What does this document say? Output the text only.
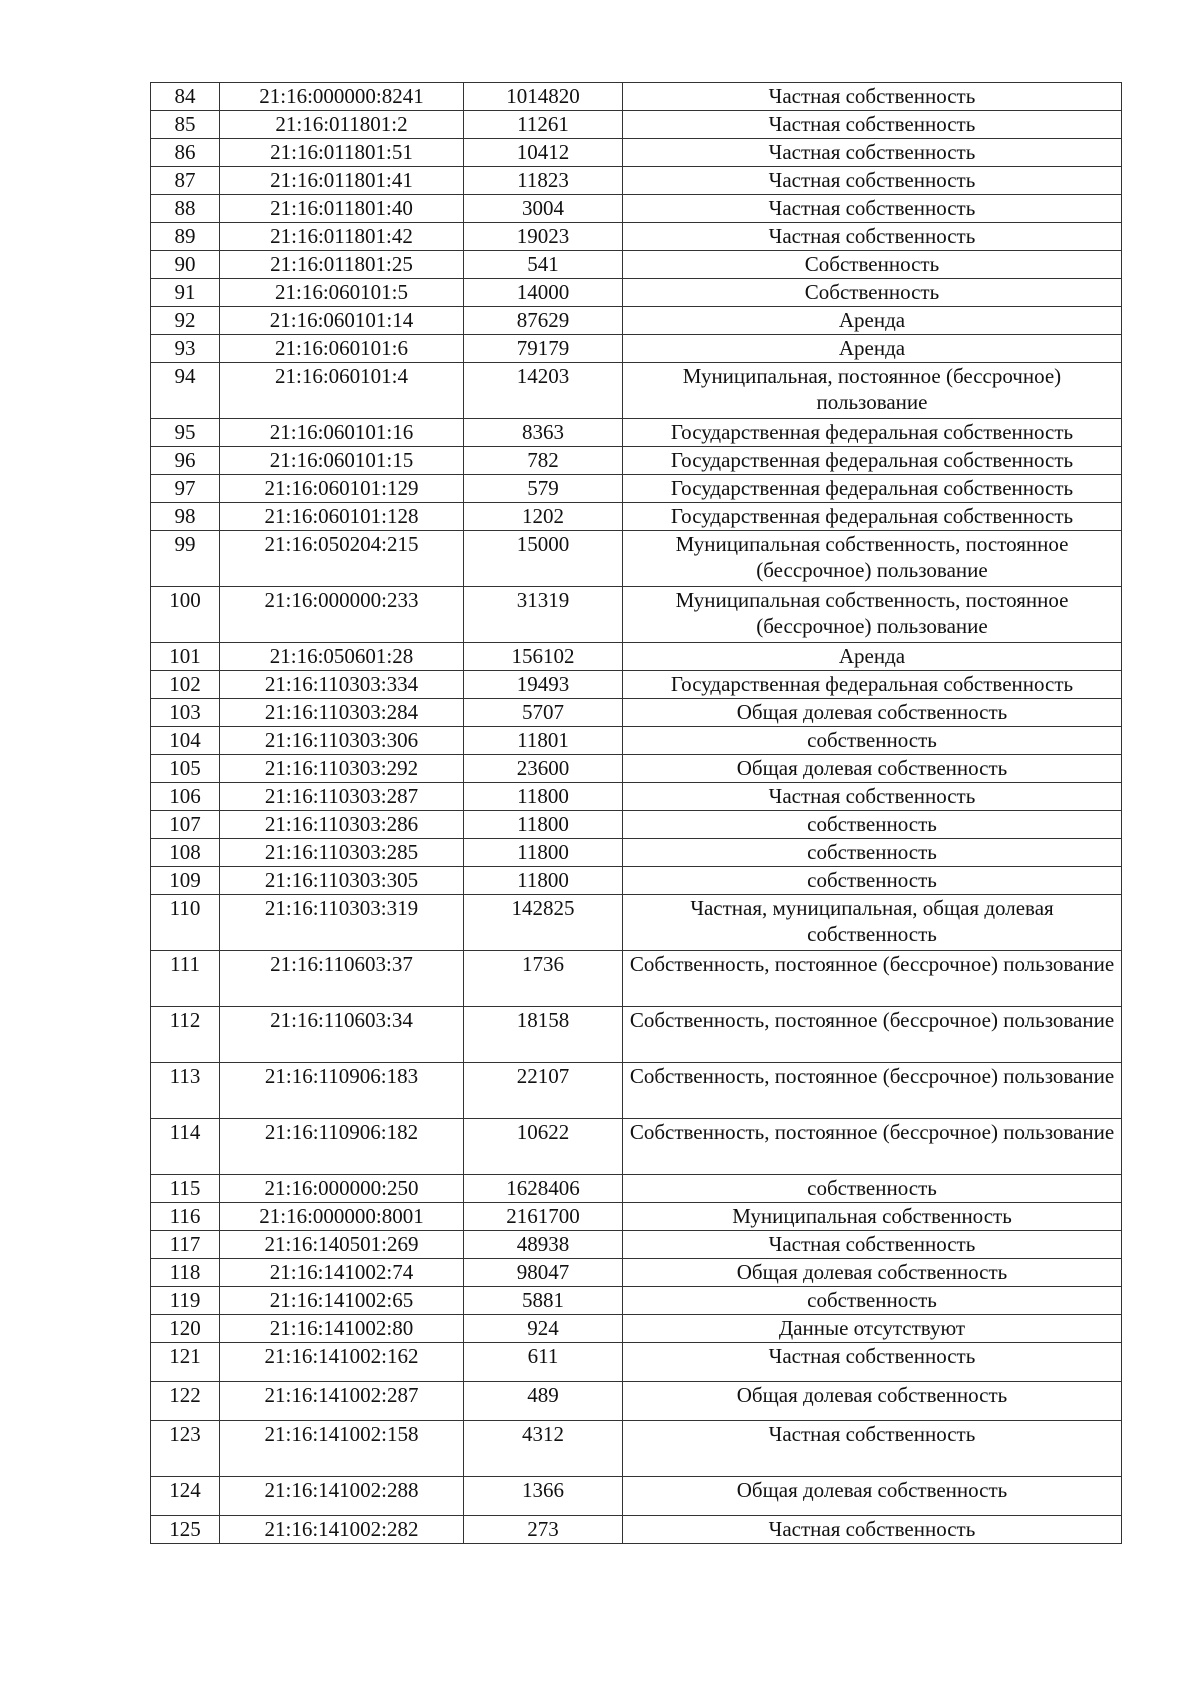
84	21:16:000000:8241	1014820	Частная собственность
85	21:16:011801:2	11261	Частная собственность
86	21:16:011801:51	10412	Частная собственность
87	21:16:011801:41	11823	Частная собственность
88	21:16:011801:40	3004	Частная собственность
89	21:16:011801:42	19023	Частная собственность
90	21:16:011801:25	541	Собственность
91	21:16:060101:5	14000	Собственность
92	21:16:060101:14	87629	Аренда
93	21:16:060101:6	79179	Аренда
94	21:16:060101:4	14203	Муниципальная, постоянное (бессрочное) пользование
95	21:16:060101:16	8363	Государственная федеральная собственность
96	21:16:060101:15	782	Государственная федеральная собственность
97	21:16:060101:129	579	Государственная федеральная собственность
98	21:16:060101:128	1202	Государственная федеральная собственность
99	21:16:050204:215	15000	Муниципальная собственность, постоянное (бессрочное) пользование
100	21:16:000000:233	31319	Муниципальная собственность, постоянное (бессрочное) пользование
101	21:16:050601:28	156102	Аренда
102	21:16:110303:334	19493	Государственная федеральная собственность
103	21:16:110303:284	5707	Общая долевая собственность
104	21:16:110303:306	11801	собственность
105	21:16:110303:292	23600	Общая долевая собственность
106	21:16:110303:287	11800	Частная собственность
107	21:16:110303:286	11800	собственность
108	21:16:110303:285	11800	собственность
109	21:16:110303:305	11800	собственность
110	21:16:110303:319	142825	Частная, муниципальная, общая долевая собственность
111	21:16:110603:37	1736	Собственность, постоянное (бессрочное) пользование
112	21:16:110603:34	18158	Собственность, постоянное (бессрочное) пользование
113	21:16:110906:183	22107	Собственность, постоянное (бессрочное) пользование
114	21:16:110906:182	10622	Собственность, постоянное (бессрочное) пользование
115	21:16:000000:250	1628406	собственность
116	21:16:000000:8001	2161700	Муниципальная собственность
117	21:16:140501:269	48938	Частная собственность
118	21:16:141002:74	98047	Общая долевая собственность
119	21:16:141002:65	5881	собственность
120	21:16:141002:80	924	Данные отсутствуют
121	21:16:141002:162	611	Частная собственность
122	21:16:141002:287	489	Общая долевая собственность
123	21:16:141002:158	4312	Частная собственность
124	21:16:141002:288	1366	Общая долевая собственность
125	21:16:141002:282	273	Частная собственность
